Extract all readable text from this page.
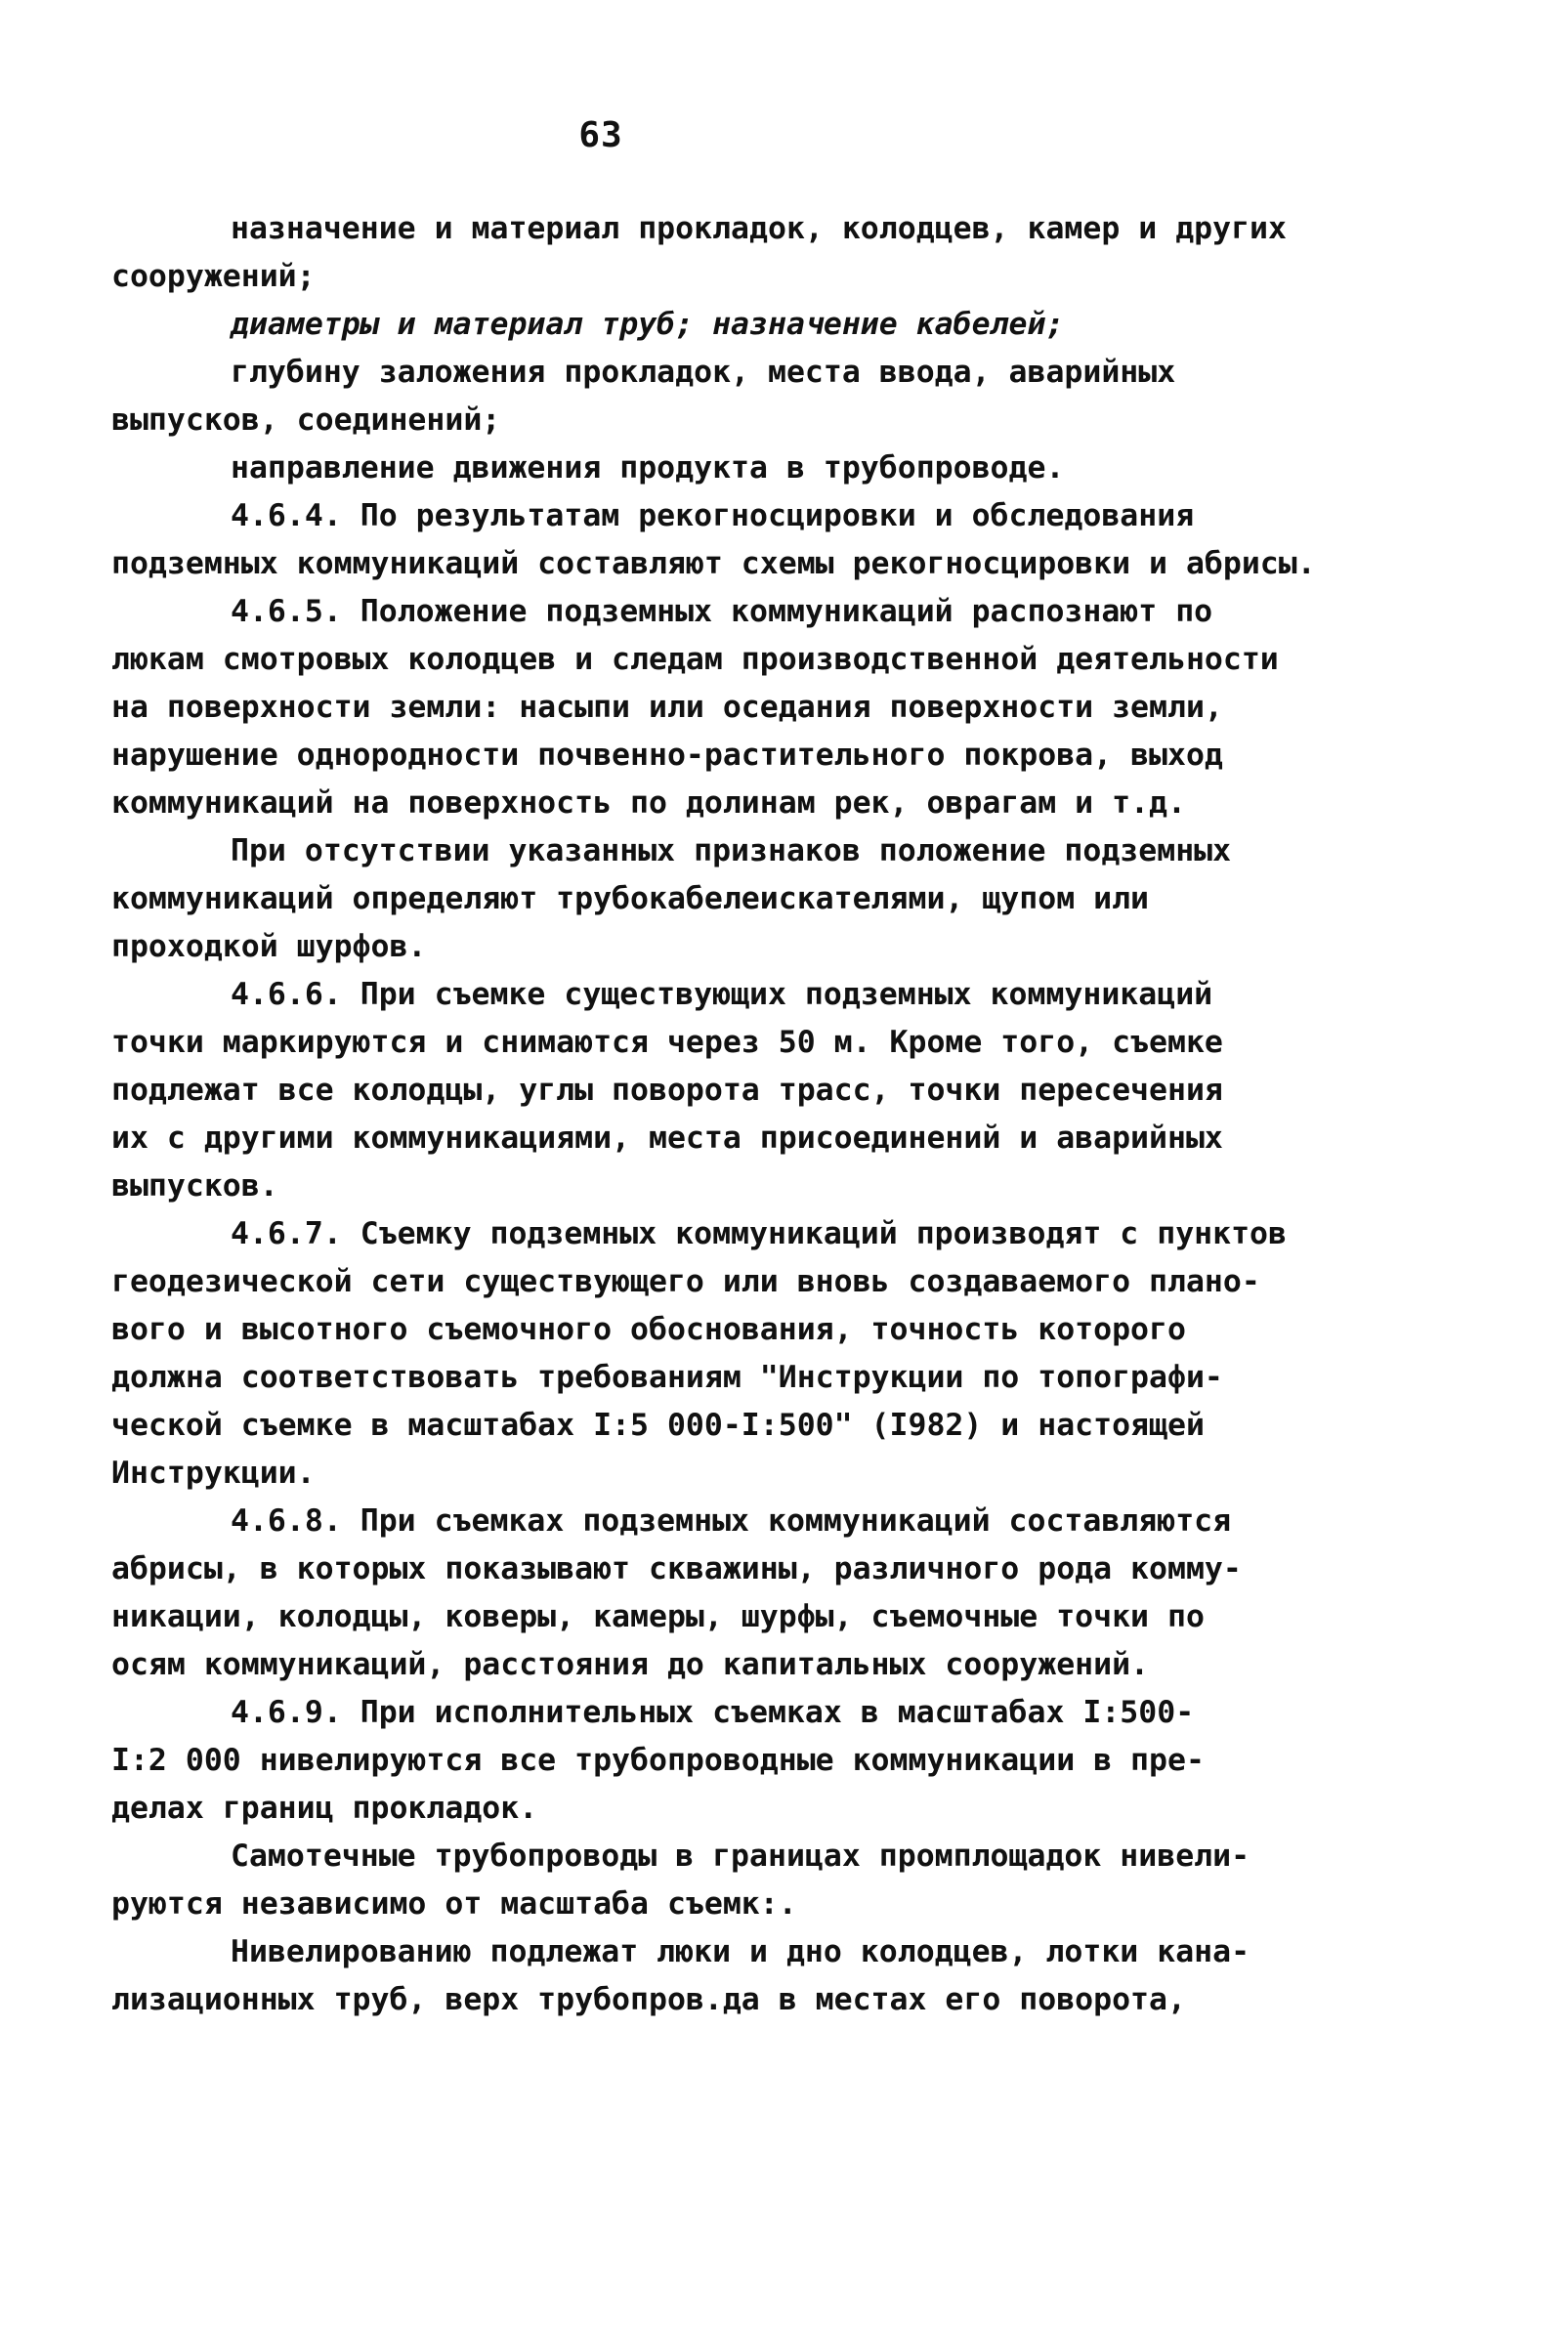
63
назначение и материал прокладок, колодцев, камер и других
сооружений;
диаметры и материал труб; назначение кабелей;
глубину заложения прокладок, места ввода, аварийных
выпусков, соединений;
направление движения продукта в трубопроводе.
4.6.4. По результатам рекогносцировки и обследования
подземных коммуникаций составляют схемы рекогносцировки и абрисы.
4.6.5. Положение подземных коммуникаций распознают по
люкам смотровых колодцев и следам производственной деятельности
на поверхности земли: насыпи или оседания поверхности земли,
нарушение однородности почвенно-растительного покрова, выход
коммуникаций на поверхность по долинам рек, оврагам и т.д.
При отсутствии указанных признаков положение подземных
коммуникаций определяют трубокабелеискателями, щупом или
проходкой шурфов.
4.6.6. При съемке существующих подземных коммуникаций
точки маркируются и снимаются через 50 м. Кроме того, съемке
подлежат все колодцы, углы поворота трасс, точки пересечения
их с другими коммуникациями, места присоединений и аварийных
выпусков.
4.6.7. Съемку подземных коммуникаций производят с пунктов
геодезической сети существующего или вновь создаваемого плано-
вого и высотного съемочного обоснования, точность которого
должна соответствовать требованиям "Инструкции по топографи-
ческой съемке в масштабах I:5 000-I:500" (I982) и настоящей
Инструкции.
4.6.8. При съемках подземных коммуникаций составляются
абрисы, в которых показывают скважины, различного рода комму-
никации, колодцы, коверы, камеры, шурфы, съемочные точки по
осям коммуникаций, расстояния до капитальных сооружений.
4.6.9. При исполнительных съемках в масштабах I:500-
I:2 000 нивелируются все трубопроводные коммуникации в пре-
делах границ прокладок.
Самотечные трубопроводы в границах промплощадок нивели-
руются независимо от масштаба съемк:.
Нивелированию подлежат люки и дно колодцев, лотки кана-
лизационных труб, верх трубопров.да в местах его поворота,
